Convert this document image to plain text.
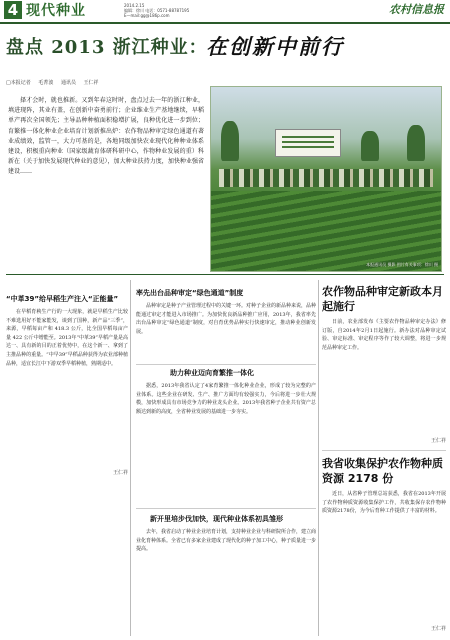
4 现代种业	2014.2.15
编辑：徐川 电话：0571-88787195
E—mail:gg@186p.com	农村信息报
盘点 2013 浙江种业：
在创新中前行
□本报记者 毛菁波 通讯员 王仁祥
择才会时，就也推新。又到年春这时时，盘点过去一年的浙江种业，填进现阵，其业有盖，在创新中奋勇前行；企业维业生产基地继续，早稻单产再次全国领先；主导品种种植面积稳增扩展，良种优化进一步到位；育繁推一体化种业企业培育计划新推出炉：农作物品种审定绿色通道有著业成绩效，监管一，大力可基的是，各地同级加快农业现代化种种业体系建设，积极重向种业（国家级蔬育体研科研中心，作物种业发展的重）科新在（关于加快发展现代种业的意见），加大种业扶持力度，加快种业强省建设……
本报通讯员 摄影 图片有关事项：徐川 摄
“中革39”给早稻生产注入“正能量”
在早稻育秧生产行的一大现象，就是早稻生产比较不难选用好不能家能发，谈到了国种，新产品“三季”，来源，早稻每亩产和 418.3 公斤，比全国早稻每亩产量 422 公斤中增能至。2013年“中革39”早稻产量是高达一、具有新的目的正着优势中，在这个新一、拿到了主推品种的重量。“中早39”早稻品种获得为农业部种植品种，适宜长江中下游双季早稻种植，熟期适中。
王仁祥
率先出台品种审定“绿色通道”制度
品种审定是种子产业管理过程中的关键一环。对种子企业的新品种来说，品种能通过审定才能进入市场推广。为加快优良新品种推广应用，2013年，我省率先出台品种审定“绿色通道”制度，对自育优势品种实行快速审定，推动种业创新发展。
助力种业迈向育繁推一体化
据悉，2013年我省认定了4家育繁推一体化种业企业，形成了较为完整的产业体系。这些企业在研发、生产、推广方面均有较强实力，今后将进一步壮大规模，加快形成具有市场竞争力的种业龙头企业。2013年我省种子企业共有资产总额达到新的高度，全省种业发展的基础进一步夯实。
新开里培步伐加快，现代种业体系初具雏形
去年，我省启动了种业企业培育计划，支持种业企业与科研院所合作，建立商业化育种体系。全省已有多家企业建成了现代化的种子加工中心，种子质量进一步提高。
农作物品种审定新政本月起施行
日前，农业部发布《主要农作物品种审定办法》修订版，自2014年2月1日起施行。新办法对品种审定试验、审定标准、审定程序等作了较大调整，将进一步规范品种审定工作。
王仁祥
我省收集保护农作物种质资源 2178 份
近日，从省种子管理总站获悉，我省在2013年开展了农作物种质资源收集保护工作，共收集保存农作物种质资源2178份，为今后育种工作提供了丰富的材料。
王仁祥
